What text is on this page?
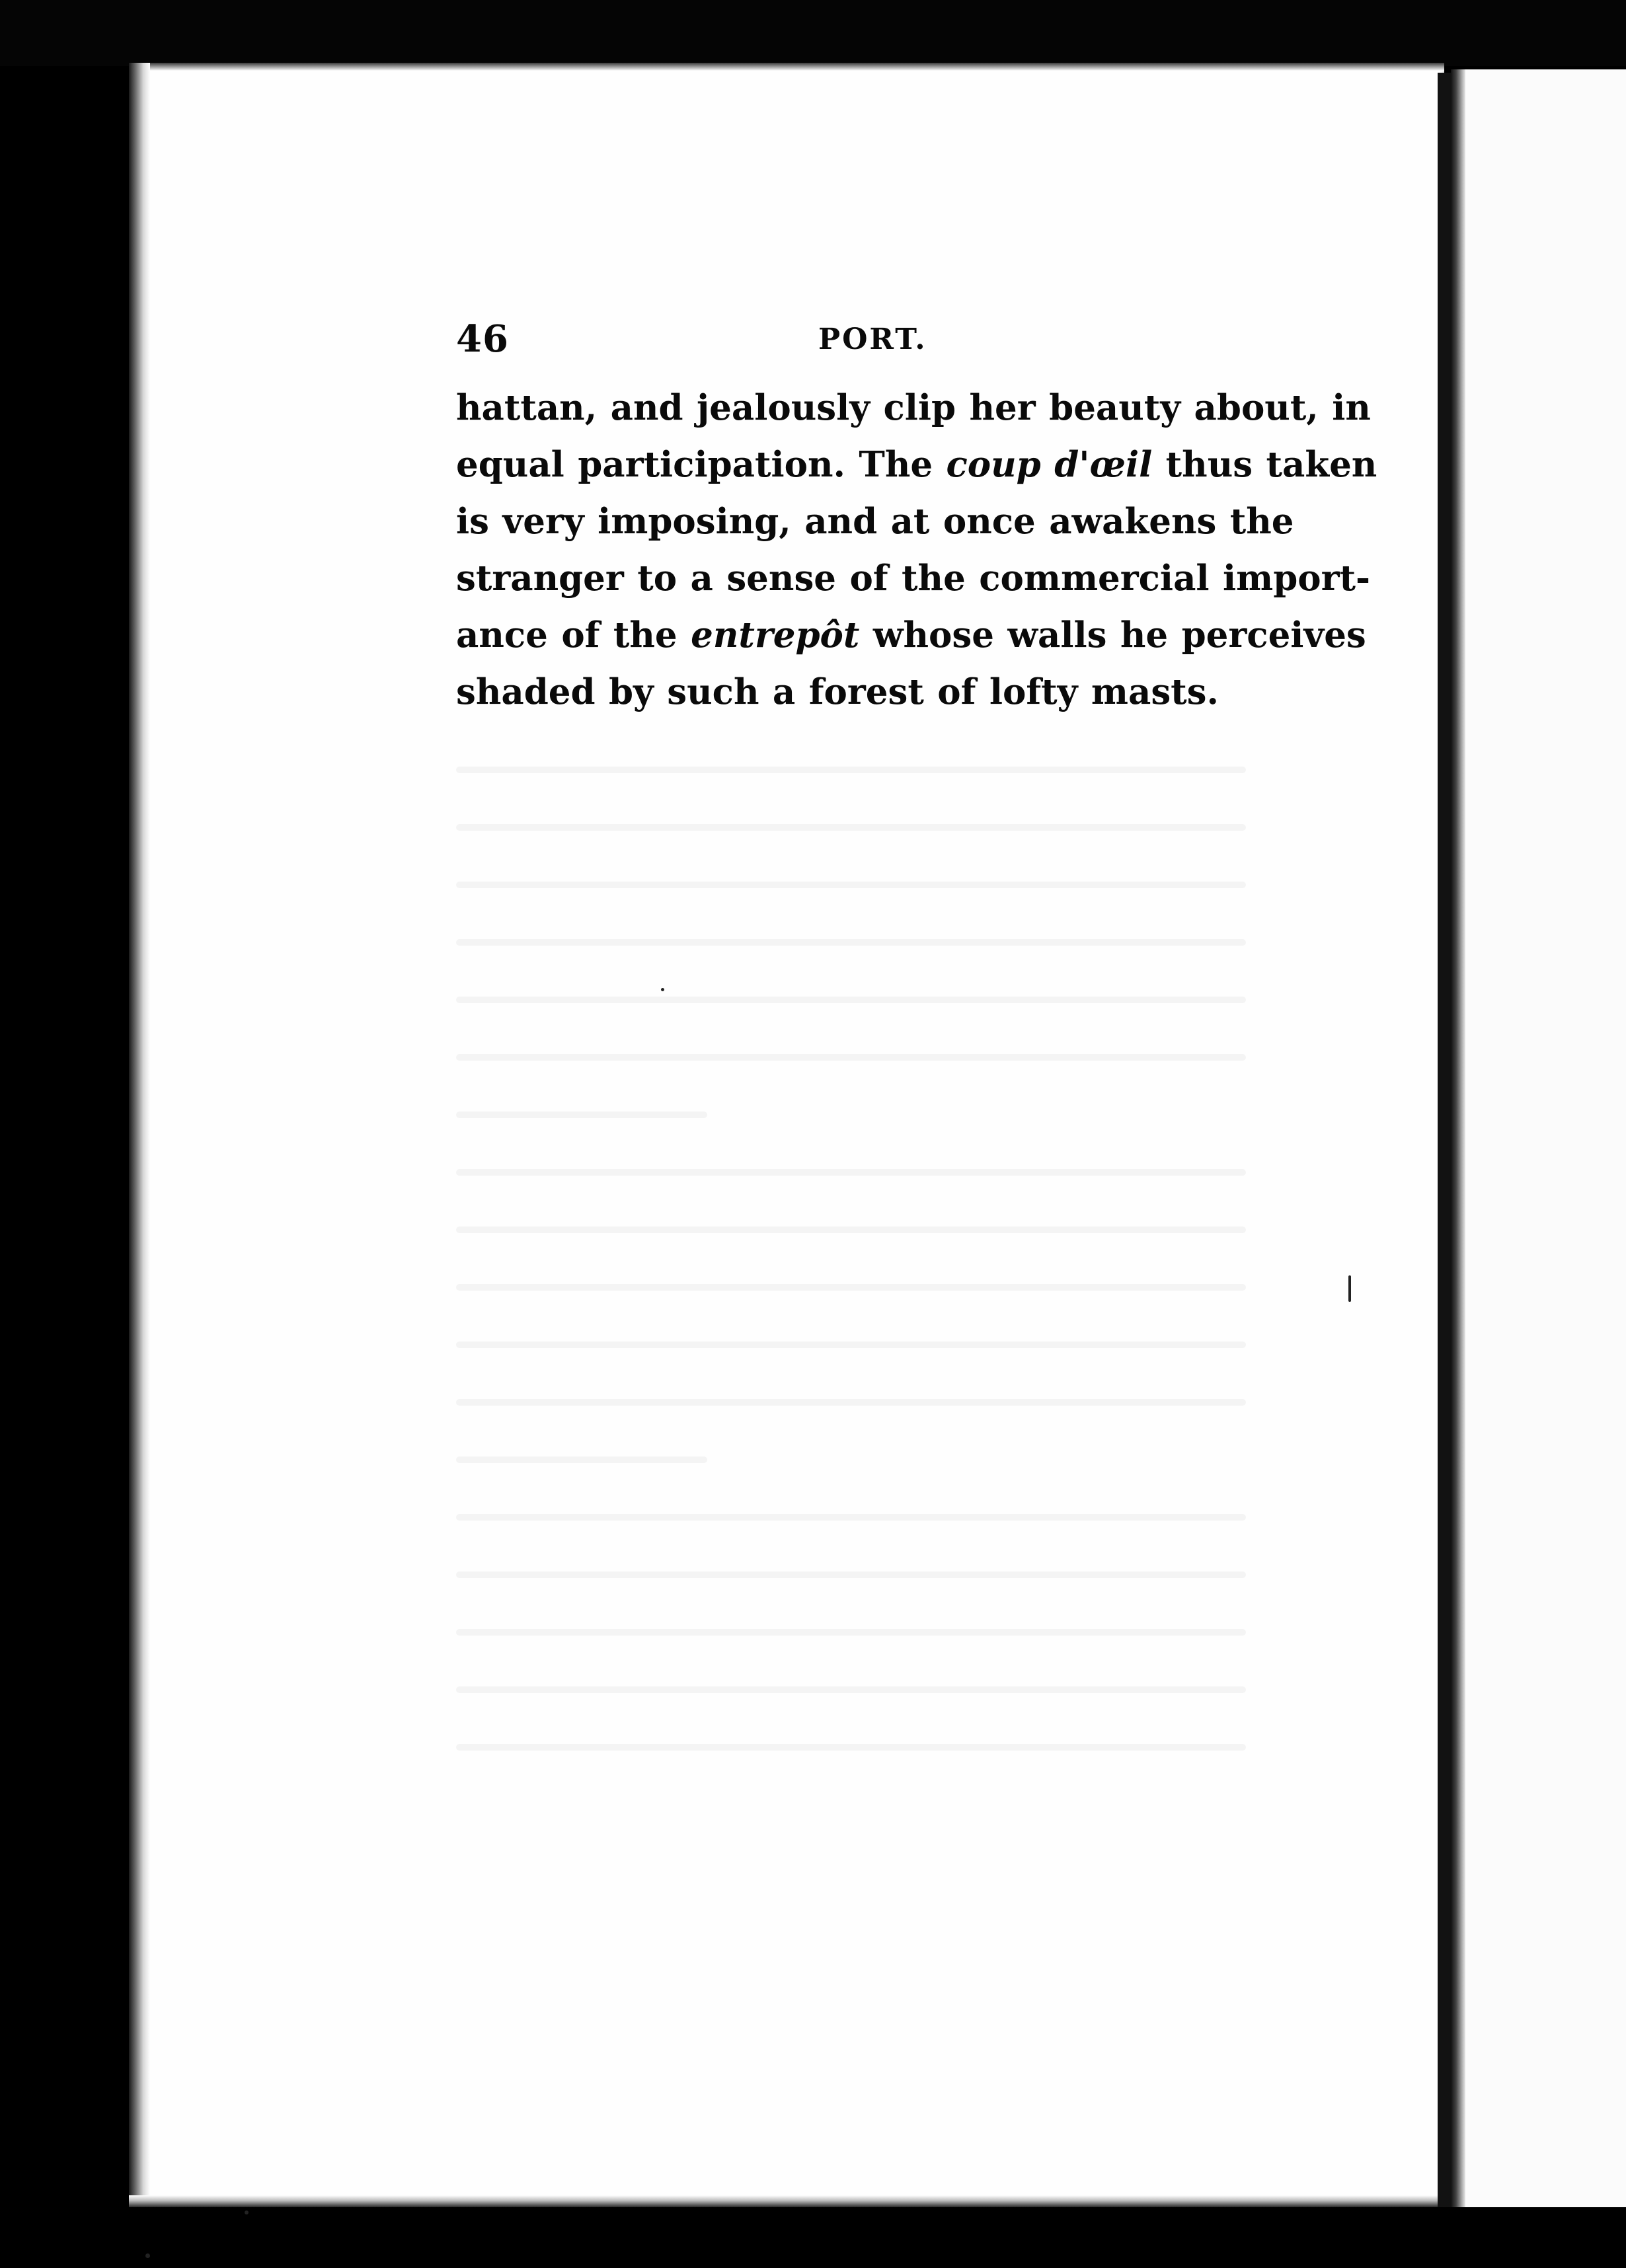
46	PORT.
hattan, and jealously clip her beauty about, in
equal participation. The coup d'œil thus taken
is very imposing, and at once awakens the
stranger to a sense of the commercial import-
ance of the entrepôt whose walls he perceives
shaded by such a forest of lofty masts.
